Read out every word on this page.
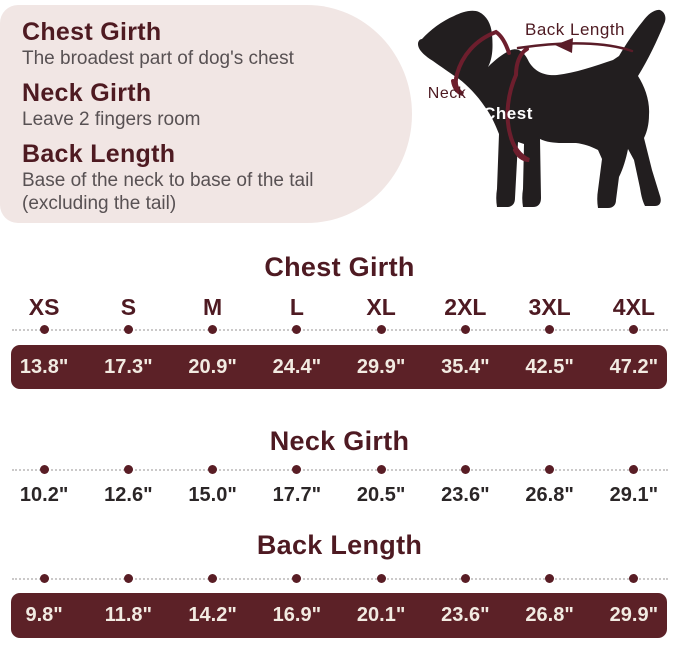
Chest Girth

The broadest part of dog's chest

Neck Girth

Leave 2 fingers room

Back Length

Base of the neck to base of the tail

(excluding the tail)

Back Length
Neck
Chest
Chest Girth
XS	S	M	L	XL	2XL	3XL	4XL
13.8"	17.3"	20.9"	24.4"	29.9"	35.4"	42.5"	47.2"
Neck Girth
10.2"	12.6"	15.0"	17.7"	20.5"	23.6"	26.8"	29.1"
Back Length
9.8"	11.8"	14.2"	16.9"	20.1"	23.6"	26.8"	29.9"
